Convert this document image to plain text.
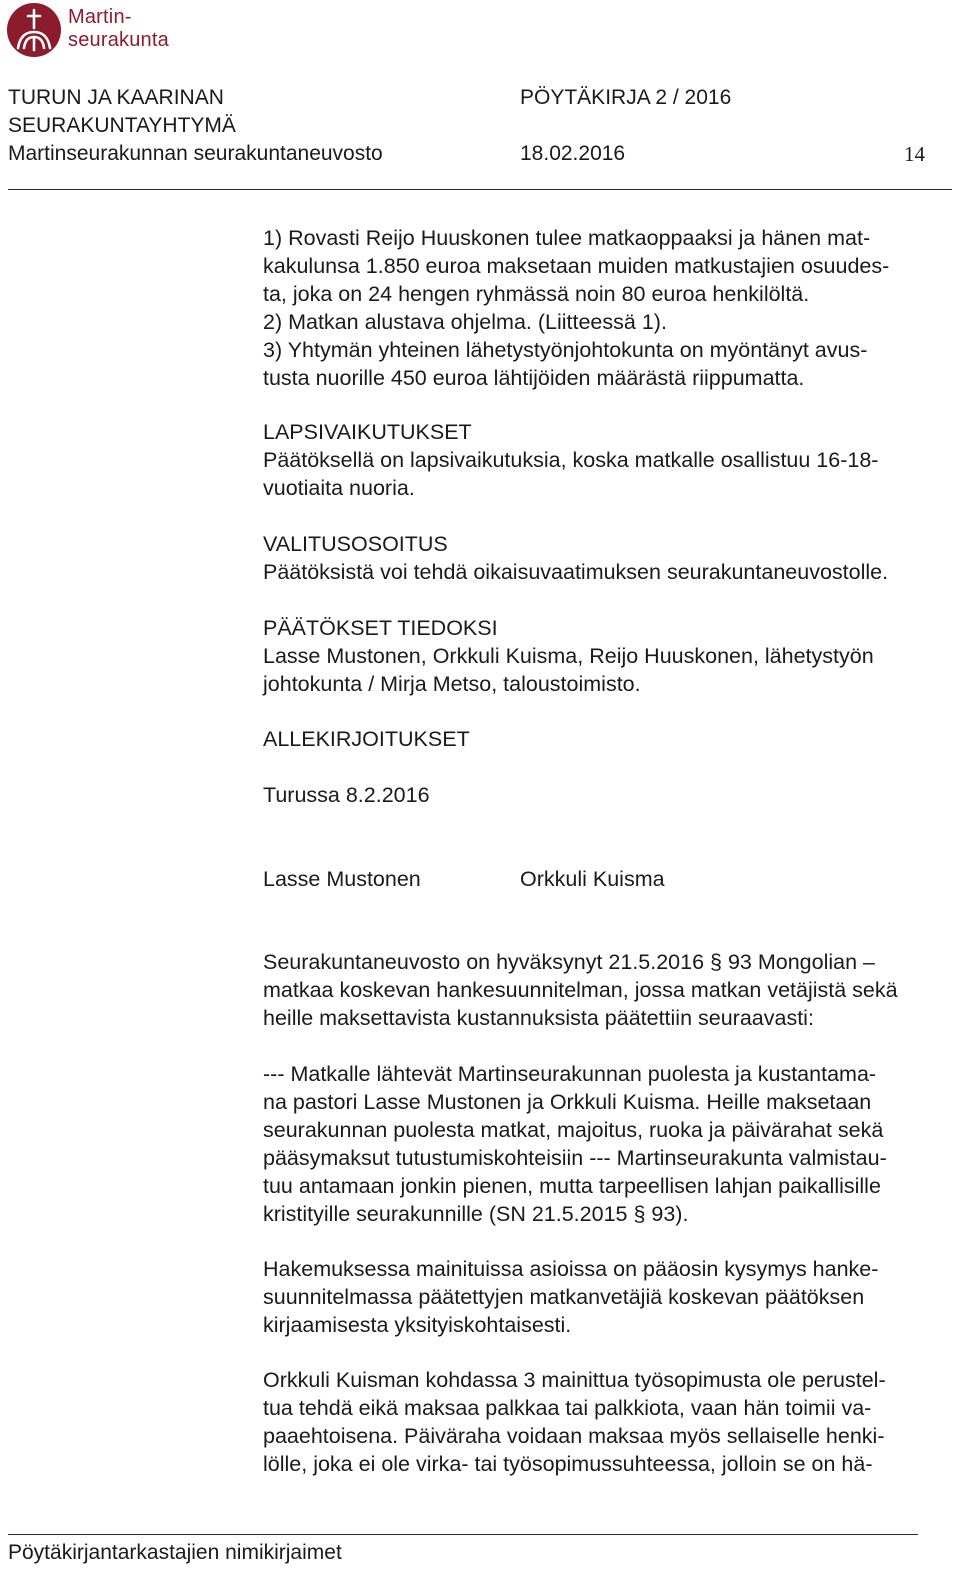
Martin-
seurakunta
TURUN JA KAARINAN
SEURAKUNTAYHTYMÄ
Martinseurakunnan seurakuntaneuvosto
PÖYTÄKIRJA 2 / 2016
18.02.2016	14

1) Rovasti Reijo Huuskonen tulee matkaoppaaksi ja hänen mat-

kakulunsa 1.850 euroa maksetaan muiden matkustajien osuudes-

ta, joka on 24 hengen ryhmässä noin 80 euroa henkilöltä.

2) Matkan alustava ohjelma. (Liitteessä 1).

3) Yhtymän yhteinen lähetystyönjohtokunta on myöntänyt avus-

tusta nuorille 450 euroa lähtijöiden määrästä riippumatta.

LAPSIVAIKUTUKSET

Päätöksellä on lapsivaikutuksia, koska matkalle osallistuu 16-18-

vuotiaita nuoria.

VALITUSOSOITUS

Päätöksistä voi tehdä oikaisuvaatimuksen seurakuntaneuvostolle.

PÄÄTÖKSET TIEDOKSI

Lasse Mustonen, Orkkuli Kuisma, Reijo Huuskonen, lähetystyön

johtokunta / Mirja Metso, taloustoimisto.

ALLEKIRJOITUKSET
Turussa 8.2.2016
Lasse Mustonen	Orkkuli Kuisma

Seurakuntaneuvosto on hyväksynyt 21.5.2016 § 93 Mongolian –

matkaa koskevan hankesuunnitelman, jossa matkan vetäjistä sekä

heille maksettavista kustannuksista päätettiin seuraavasti:

--- Matkalle lähtevät Martinseurakunnan puolesta ja kustantama-

na pastori Lasse Mustonen ja Orkkuli Kuisma. Heille maksetaan

seurakunnan puolesta matkat, majoitus, ruoka ja päivärahat sekä

pääsymaksut tutustumiskohteisiin --- Martinseurakunta valmistau-

tuu antamaan jonkin pienen, mutta tarpeellisen lahjan paikallisille

kristityille seurakunnille (SN 21.5.2015 § 93).

Hakemuksessa mainituissa asioissa on pääosin kysymys hanke-

suunnitelmassa päätettyjen matkanvetäjiä koskevan päätöksen

kirjaamisesta yksityiskohtaisesti.

Orkkuli Kuisman kohdassa 3 mainittua työsopimusta ole perustel-

tua tehdä eikä maksaa palkkaa tai palkkiota, vaan hän toimii va-

paaehtoisena. Päiväraha voidaan maksaa myös sellaiselle henki-

lölle, joka ei ole virka- tai työsopimussuhteessa, jolloin se on hä-

Pöytäkirjantarkastajien nimikirjaimet
